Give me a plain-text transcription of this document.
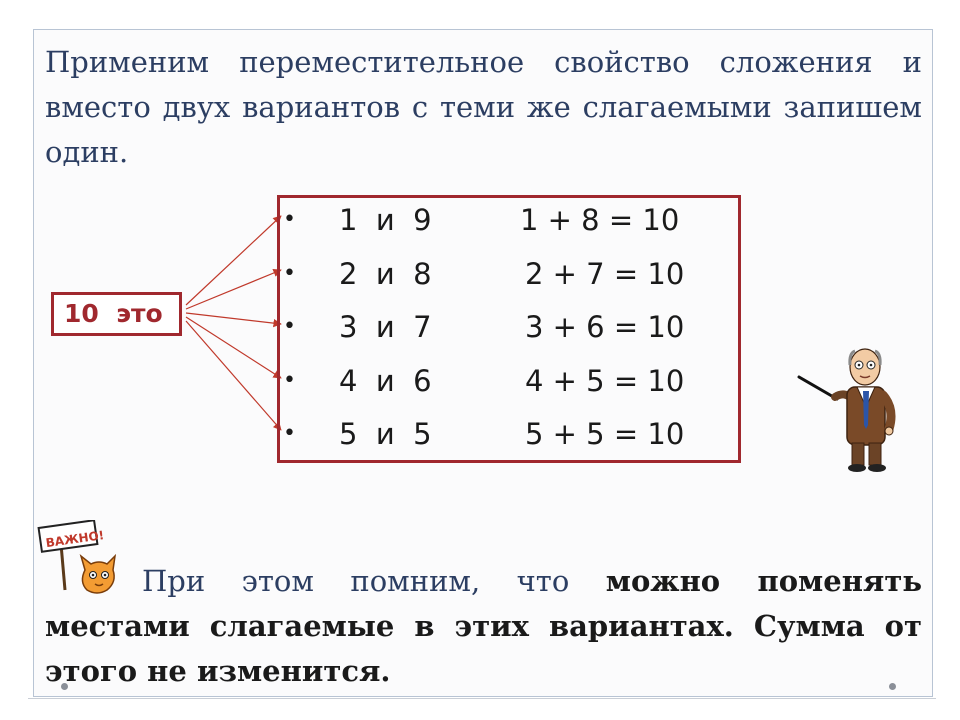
Применим переместительное свойство сложения и вместо двух вариантов с теми же слагаемыми запишем один.

10  это
• 1  и  9	1 + 8 = 10
• 2  и  8	2 + 7 = 10
• 3  и  7	3 + 6 = 10
• 4  и  6	4 + 5 = 10
• 5  и  5	5 + 5 = 10
ВАЖНО!

При этом помним, что можно поменять местами слагаемые в этих вариантах. Сумма от этого не изменится.
